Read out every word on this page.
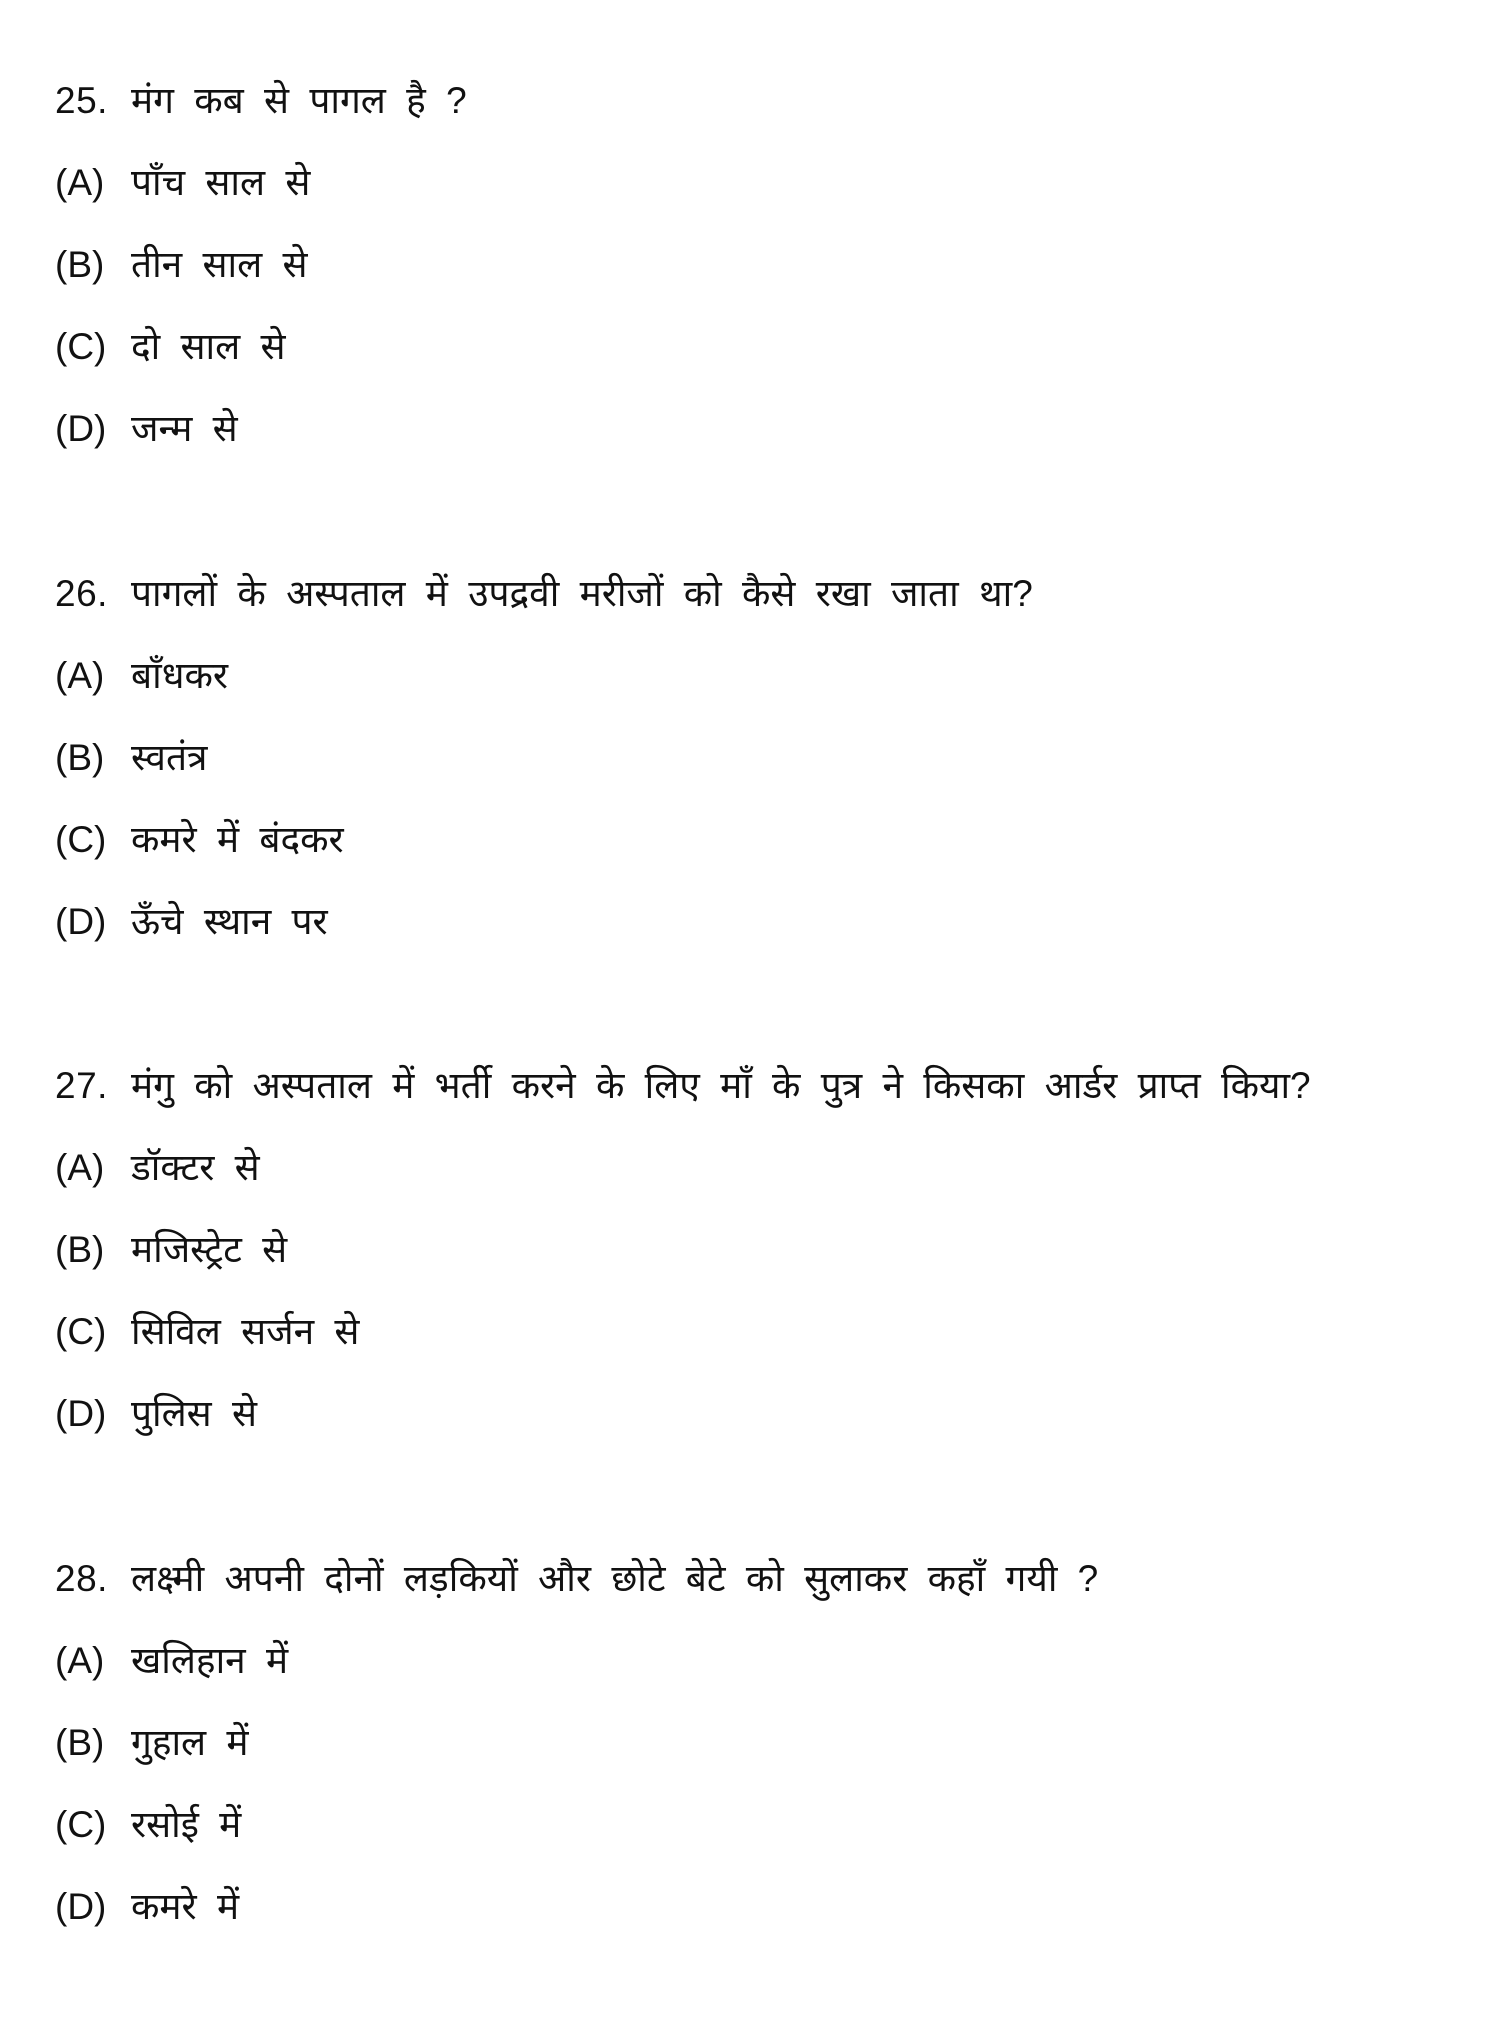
25. मंग कब से पागल है ?
(A) पाँच साल से
(B) तीन साल से
(C) दो साल से
(D) जन्म से
26. पागलों के अस्पताल में उपद्रवी मरीजों को कैसे रखा जाता था?
(A) बाँधकर
(B) स्वतंत्र
(C) कमरे में बंदकर
(D) ऊँचे स्थान पर
27. मंगु को अस्पताल में भर्ती करने के लिए माँ के पुत्र ने किसका आर्डर प्राप्त किया?
(A) डॉक्टर से
(B) मजिस्ट्रेट से
(C) सिविल सर्जन से
(D) पुलिस से
28. लक्ष्मी अपनी दोनों लड़कियों और छोटे बेटे को सुलाकर कहाँ गयी ?
(A) खलिहान में
(B) गुहाल में
(C) रसोई में
(D) कमरे में
